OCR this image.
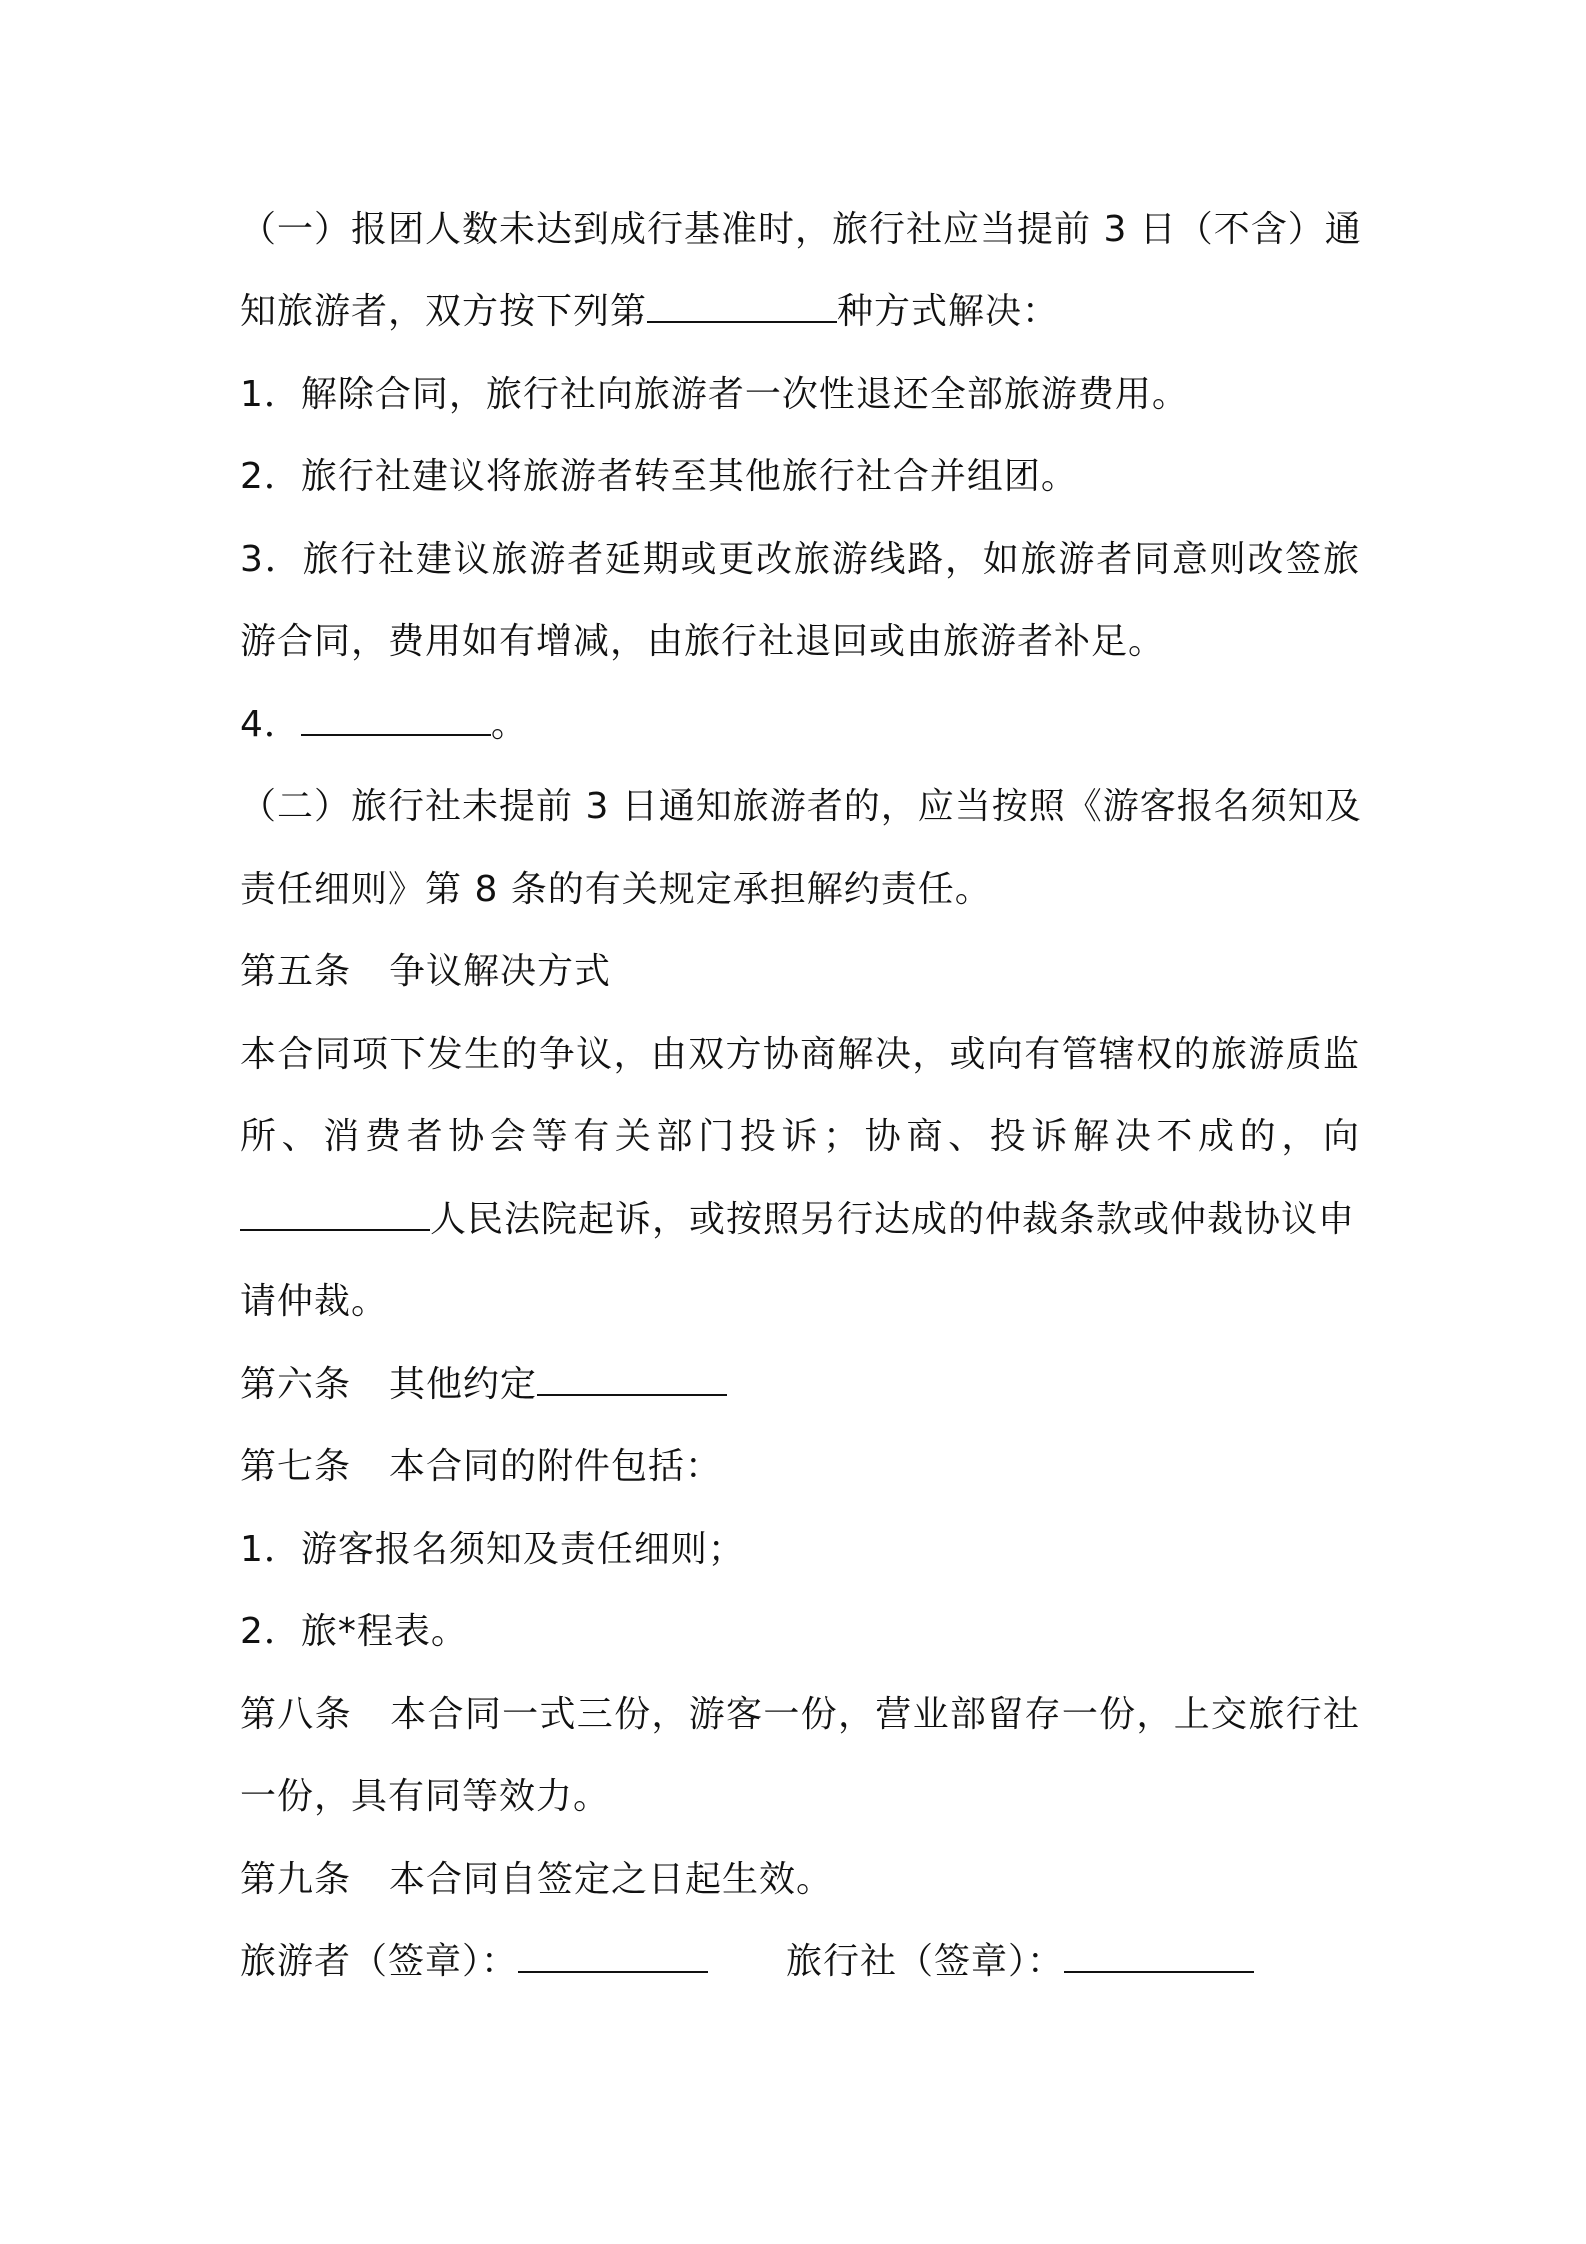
（一）报团人数未达到成行基准时，旅行社应当提前 3 日（不含）通
知旅游者，双方按下列第	种方式解决：
1．解除合同，旅行社向旅游者一次性退还全部旅游费用。
2．旅行社建议将旅游者转至其他旅行社合并组团。
3．旅行社建议旅游者延期或更改旅游线路，如旅游者同意则改签旅
游合同，费用如有增减，由旅行社退回或由旅游者补足。
4．	。
（二）旅行社未提前 3 日通知旅游者的，应当按照《游客报名须知及
责任细则》第 8 条的有关规定承担解约责任。
第五条 争议解决方式
本合同项下发生的争议，由双方协商解决，或向有管辖权的旅游质监
所、消费者协会等有关部门投诉；协商、投诉解决不成的，向
人民法院起诉，或按照另行达成的仲裁条款或仲裁协议申
请仲裁。
第六条 其他约定
第七条 本合同的附件包括：
1．游客报名须知及责任细则；
2．旅*程表。
第八条 本合同一式三份，游客一份，营业部留存一份，上交旅行社
一份，具有同等效力。
第九条 本合同自签定之日起生效。
旅游者（签章）：	旅行社（签章）：
